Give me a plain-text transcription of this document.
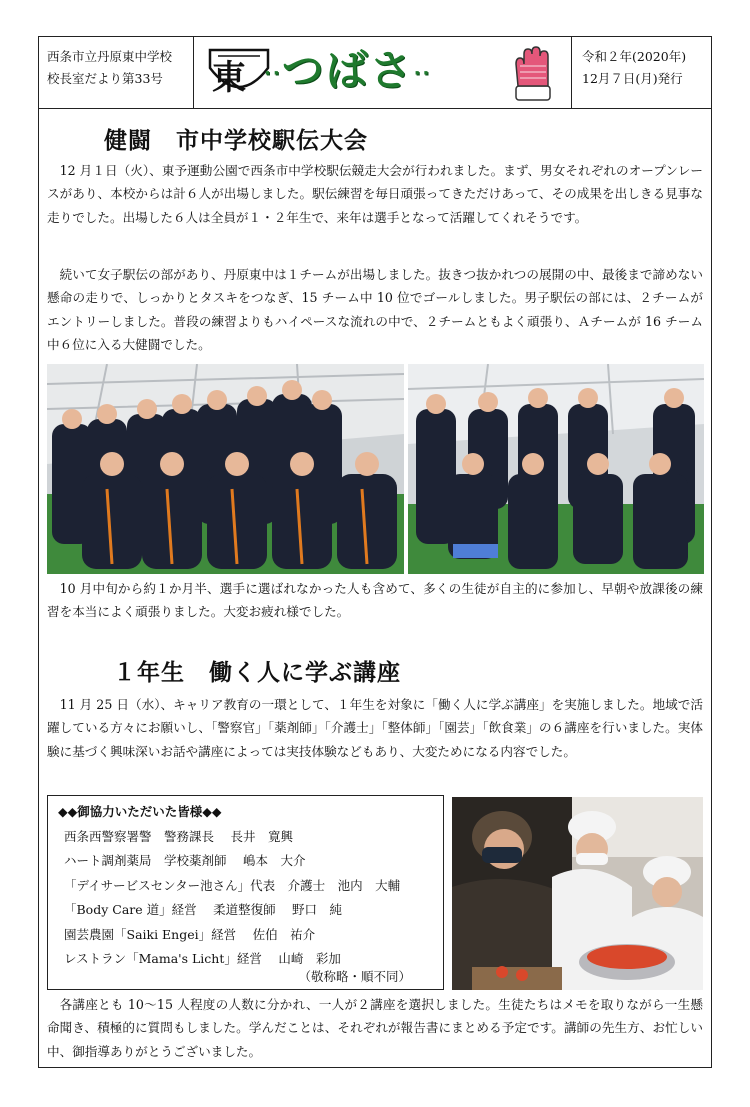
西条市立丹原東中学校
校長室だより第33号	東 ··つばさ··
令和２年(2020年)
12月７日(月)発行
健闘　市中学校駅伝大会

12 月１日（火）、東予運動公園で西条市中学校駅伝競走大会が行われました。まず、男女それぞれのオープンレースがあり、本校からは計６人が出場しました。駅伝練習を毎日頑張ってきただけあって、その成果を出しきる見事な走りでした。出場した６人は全員が１・２年生で、来年は選手となって活躍してくれそうです。

続いて女子駅伝の部があり、丹原東中は１チームが出場しました。抜きつ抜かれつの展開の中、最後まで諦めない懸命の走りで、しっかりとタスキをつなぎ、15 チーム中 10 位でゴールしました。男子駅伝の部には、２チームがエントリーしました。普段の練習よりもハイペースな流れの中で、２チームともよく頑張り、Ａチームが 16 チーム中６位に入る大健闘でした。

10 月中旬から約１か月半、選手に選ばれなかった人も含めて、多くの生徒が自主的に参加し、早朝や放課後の練習を本当によく頑張りました。大変お疲れ様でした。

１年生　働く人に学ぶ講座

11 月 25 日（水）、キャリア教育の一環として、１年生を対象に「働く人に学ぶ講座」を実施しました。地域で活躍している方々にお願いし、「警察官」「薬剤師」「介護士」「整体師」「園芸」「飲食業」の６講座を行いました。実体験に基づく興味深いお話や講座によっては実技体験などもあり、大変ためになる内容でした。

◆◆御協力いただいた皆様◆◆
西条西警察署警　警務課長　 長井　寛興
ハート調剤薬局　学校薬剤師　 嶋本　大介
「デイサービスセンター池さん」代表　介護士　池内　大輔
「Body Care 道」経営　 柔道整復師　 野口　純
園芸農園「Saiki Engei」経営　 佐伯　祐介
レストラン「Mama's Licht」経営　 山崎　彩加
（敬称略・順不同）

各講座とも 10～15 人程度の人数に分かれ、一人が２講座を選択しました。生徒たちはメモを取りながら一生懸命聞き、積極的に質問もしました。学んだことは、それぞれが報告書にまとめる予定です。講師の先生方、お忙しい中、御指導ありがとうございました。
